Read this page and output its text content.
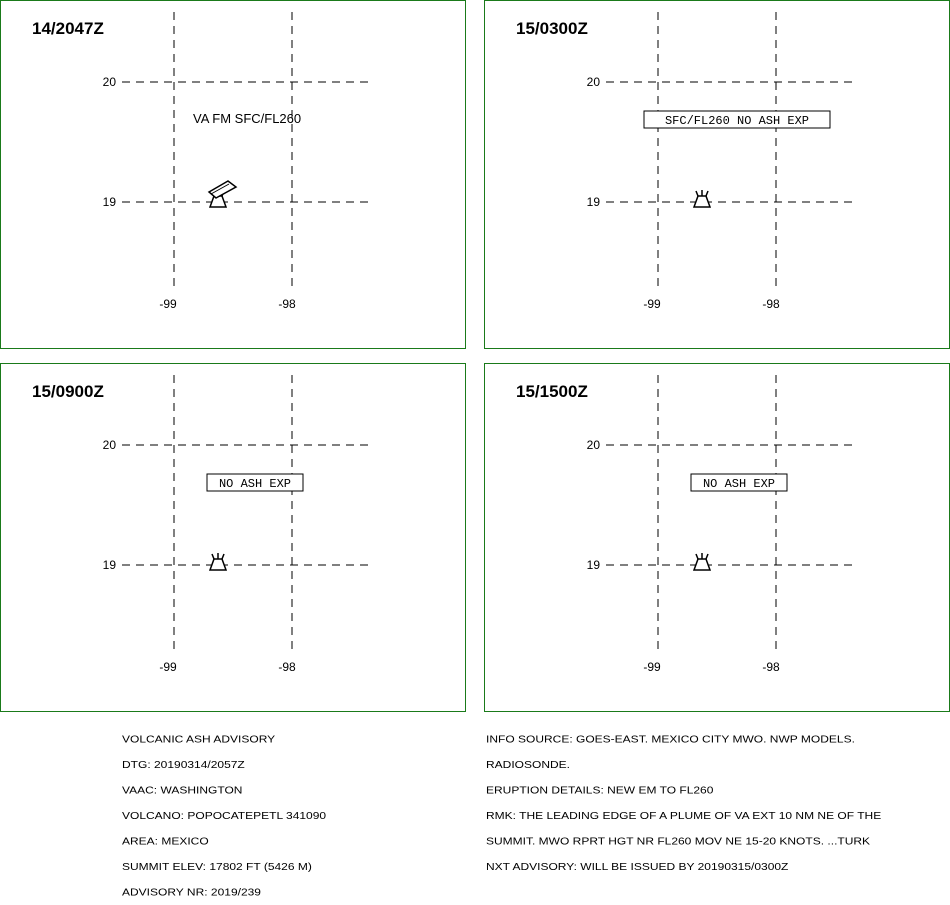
14/2047Z
20
19
-99	-98
VA FM SFC/FL260
15/0300Z
20
19
-99	-98
SFC/FL260 NO ASH EXP
15/0900Z
20
19
-99	-98
NO ASH EXP
15/1500Z
20
19
-99	-98
NO ASH EXP

VOLCANIC ASH ADVISORY

DTG: 20190314/2057Z

VAAC: WASHINGTON

VOLCANO: POPOCATEPETL 341090

AREA: MEXICO

SUMMIT ELEV: 17802 FT (5426 M)

ADVISORY NR: 2019/239

INFO SOURCE: GOES-EAST. MEXICO CITY MWO. NWP MODELS.

RADIOSONDE.

ERUPTION DETAILS: NEW EM TO FL260

RMK: THE LEADING EDGE OF A PLUME OF VA EXT 10 NM NE OF THE

SUMMIT. MWO RPRT HGT NR FL260 MOV NE 15-20 KNOTS. ...TURK

NXT ADVISORY: WILL BE ISSUED BY 20190315/0300Z
